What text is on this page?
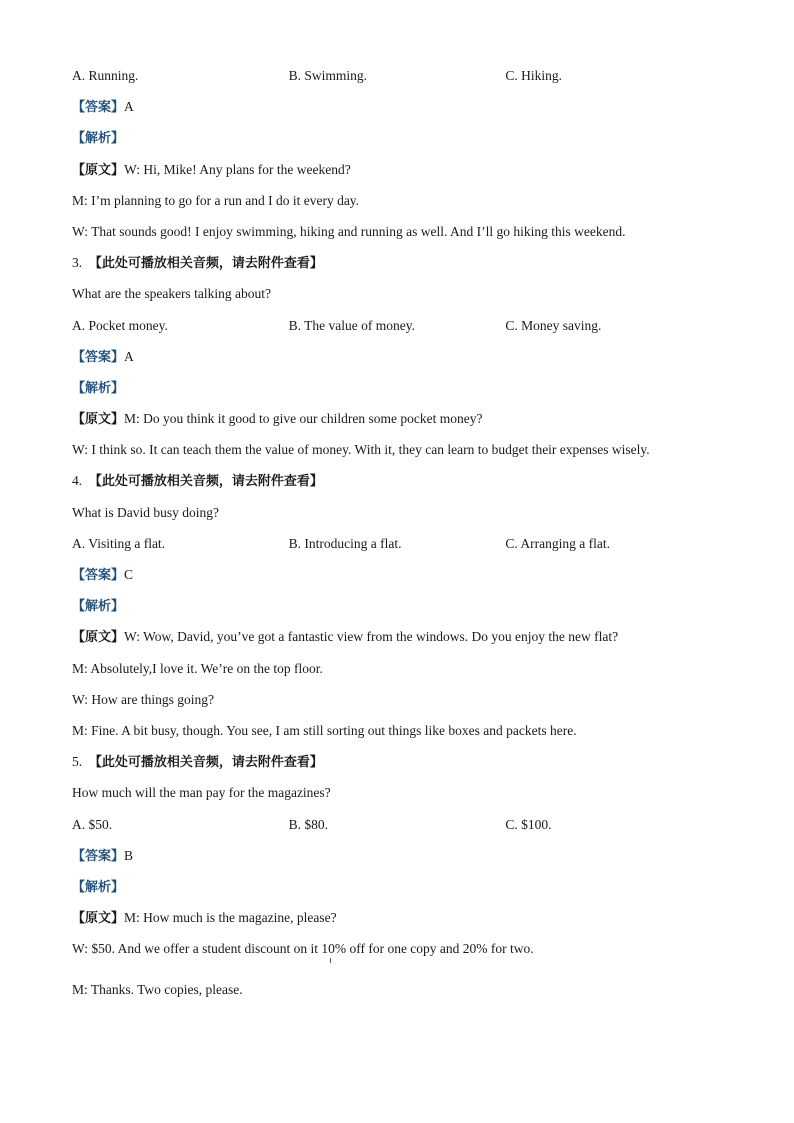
A. Running.	B. Swimming.	C. Hiking.
【答案】A
【解析】
【原文】W: Hi, Mike! Any plans for the weekend?
M: I’m planning to go for a run and I do it every day.
W: That sounds good! I enjoy swimming, hiking and running as well. And I’ll go hiking this weekend.
3. 【此处可播放相关音频，请去附件查看】
What are the speakers talking about?
A. Pocket money.	B. The value of money.	C. Money saving.
【答案】A
【解析】
【原文】M: Do you think it good to give our children some pocket money?
W: I think so. It can teach them the value of money. With it, they can learn to budget their expenses wisely.
4. 【此处可播放相关音频，请去附件查看】
What is David busy doing?
A. Visiting a flat.	B. Introducing a flat.	C. Arranging a flat.
【答案】C
【解析】
【原文】W: Wow, David, you’ve got a fantastic view from the windows. Do you enjoy the new flat?
M: Absolutely,I love it. We’re on the top floor.
W: How are things going?
M: Fine. A bit busy, though. You see, I am still sorting out things like boxes and packets here.
5. 【此处可播放相关音频，请去附件查看】
How much will the man pay for the magazines?
A. $50.	B. $80.	C. $100.
【答案】B
【解析】
【原文】M: How much is the magazine, please?
W: $50. And we offer a student discount on it 10% off for one copy and 20% for two.
M: Thanks. Two copies, please.
